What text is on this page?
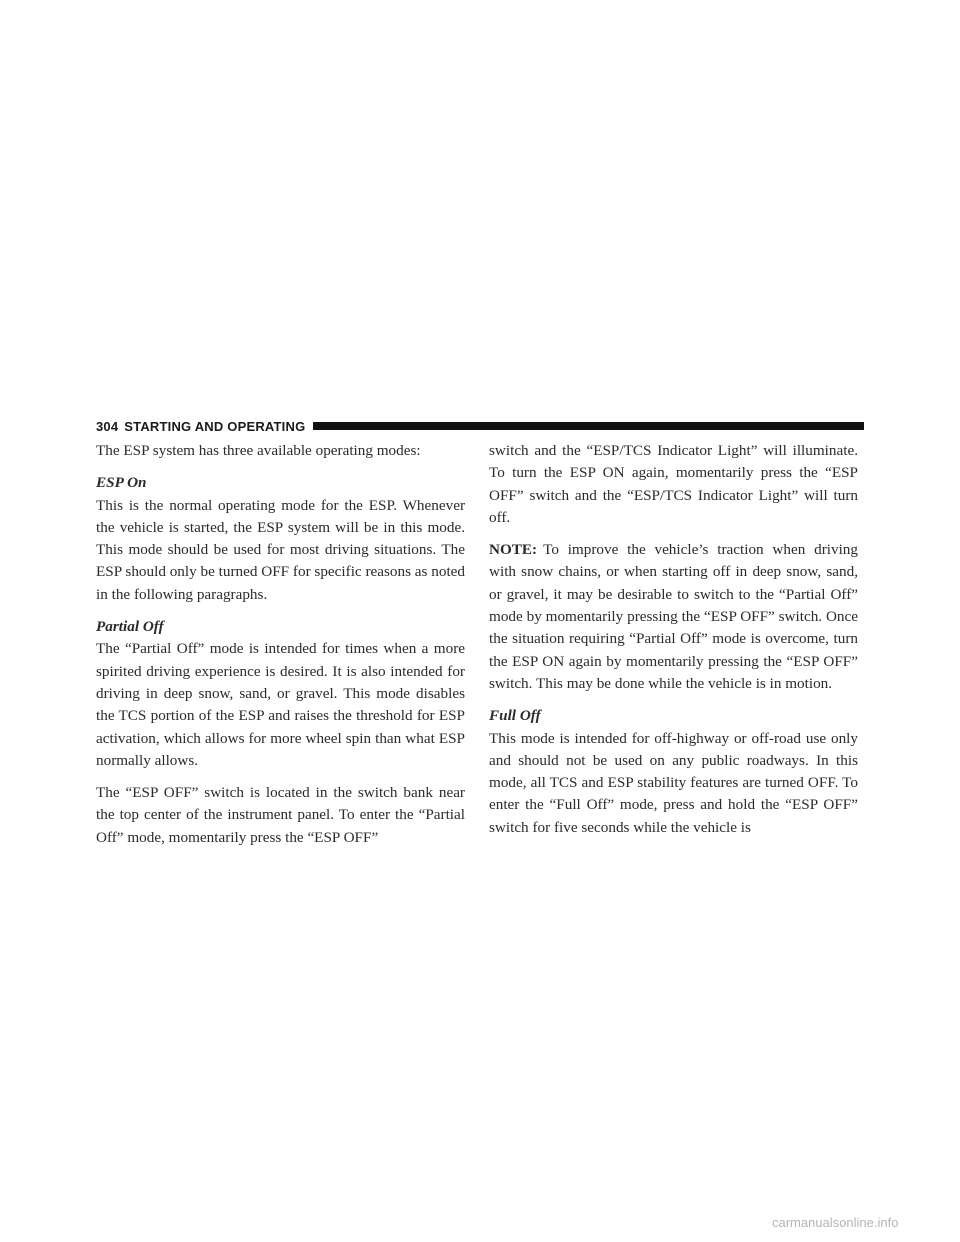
304 STARTING AND OPERATING

The ESP system has three available operating modes:

ESP On

This is the normal operating mode for the ESP. Whenever the vehicle is started, the ESP system will be in this mode. This mode should be used for most driving situations. The ESP should only be turned OFF for specific reasons as noted in the following paragraphs.

Partial Off

The “Partial Off” mode is intended for times when a more spirited driving experience is desired. It is also intended for driving in deep snow, sand, or gravel. This mode disables the TCS portion of the ESP and raises the threshold for ESP activation, which allows for more wheel spin than what ESP normally allows.

The “ESP OFF” switch is located in the switch bank near the top center of the instrument panel. To enter the “Partial Off” mode, momentarily press the “ESP OFF”

switch and the “ESP/TCS Indicator Light” will illuminate. To turn the ESP ON again, momentarily press the “ESP OFF” switch and the “ESP/TCS Indicator Light” will turn off.

NOTE: To improve the vehicle’s traction when driving with snow chains, or when starting off in deep snow, sand, or gravel, it may be desirable to switch to the “Partial Off” mode by momentarily pressing the “ESP OFF” switch. Once the situation requiring “Partial Off” mode is overcome, turn the ESP ON again by momentarily pressing the “ESP OFF” switch. This may be done while the vehicle is in motion.

Full Off

This mode is intended for off-highway or off-road use only and should not be used on any public roadways. In this mode, all TCS and ESP stability features are turned OFF. To enter the “Full Off” mode, press and hold the “ESP OFF” switch for five seconds while the vehicle is

carmanualsonline.info
